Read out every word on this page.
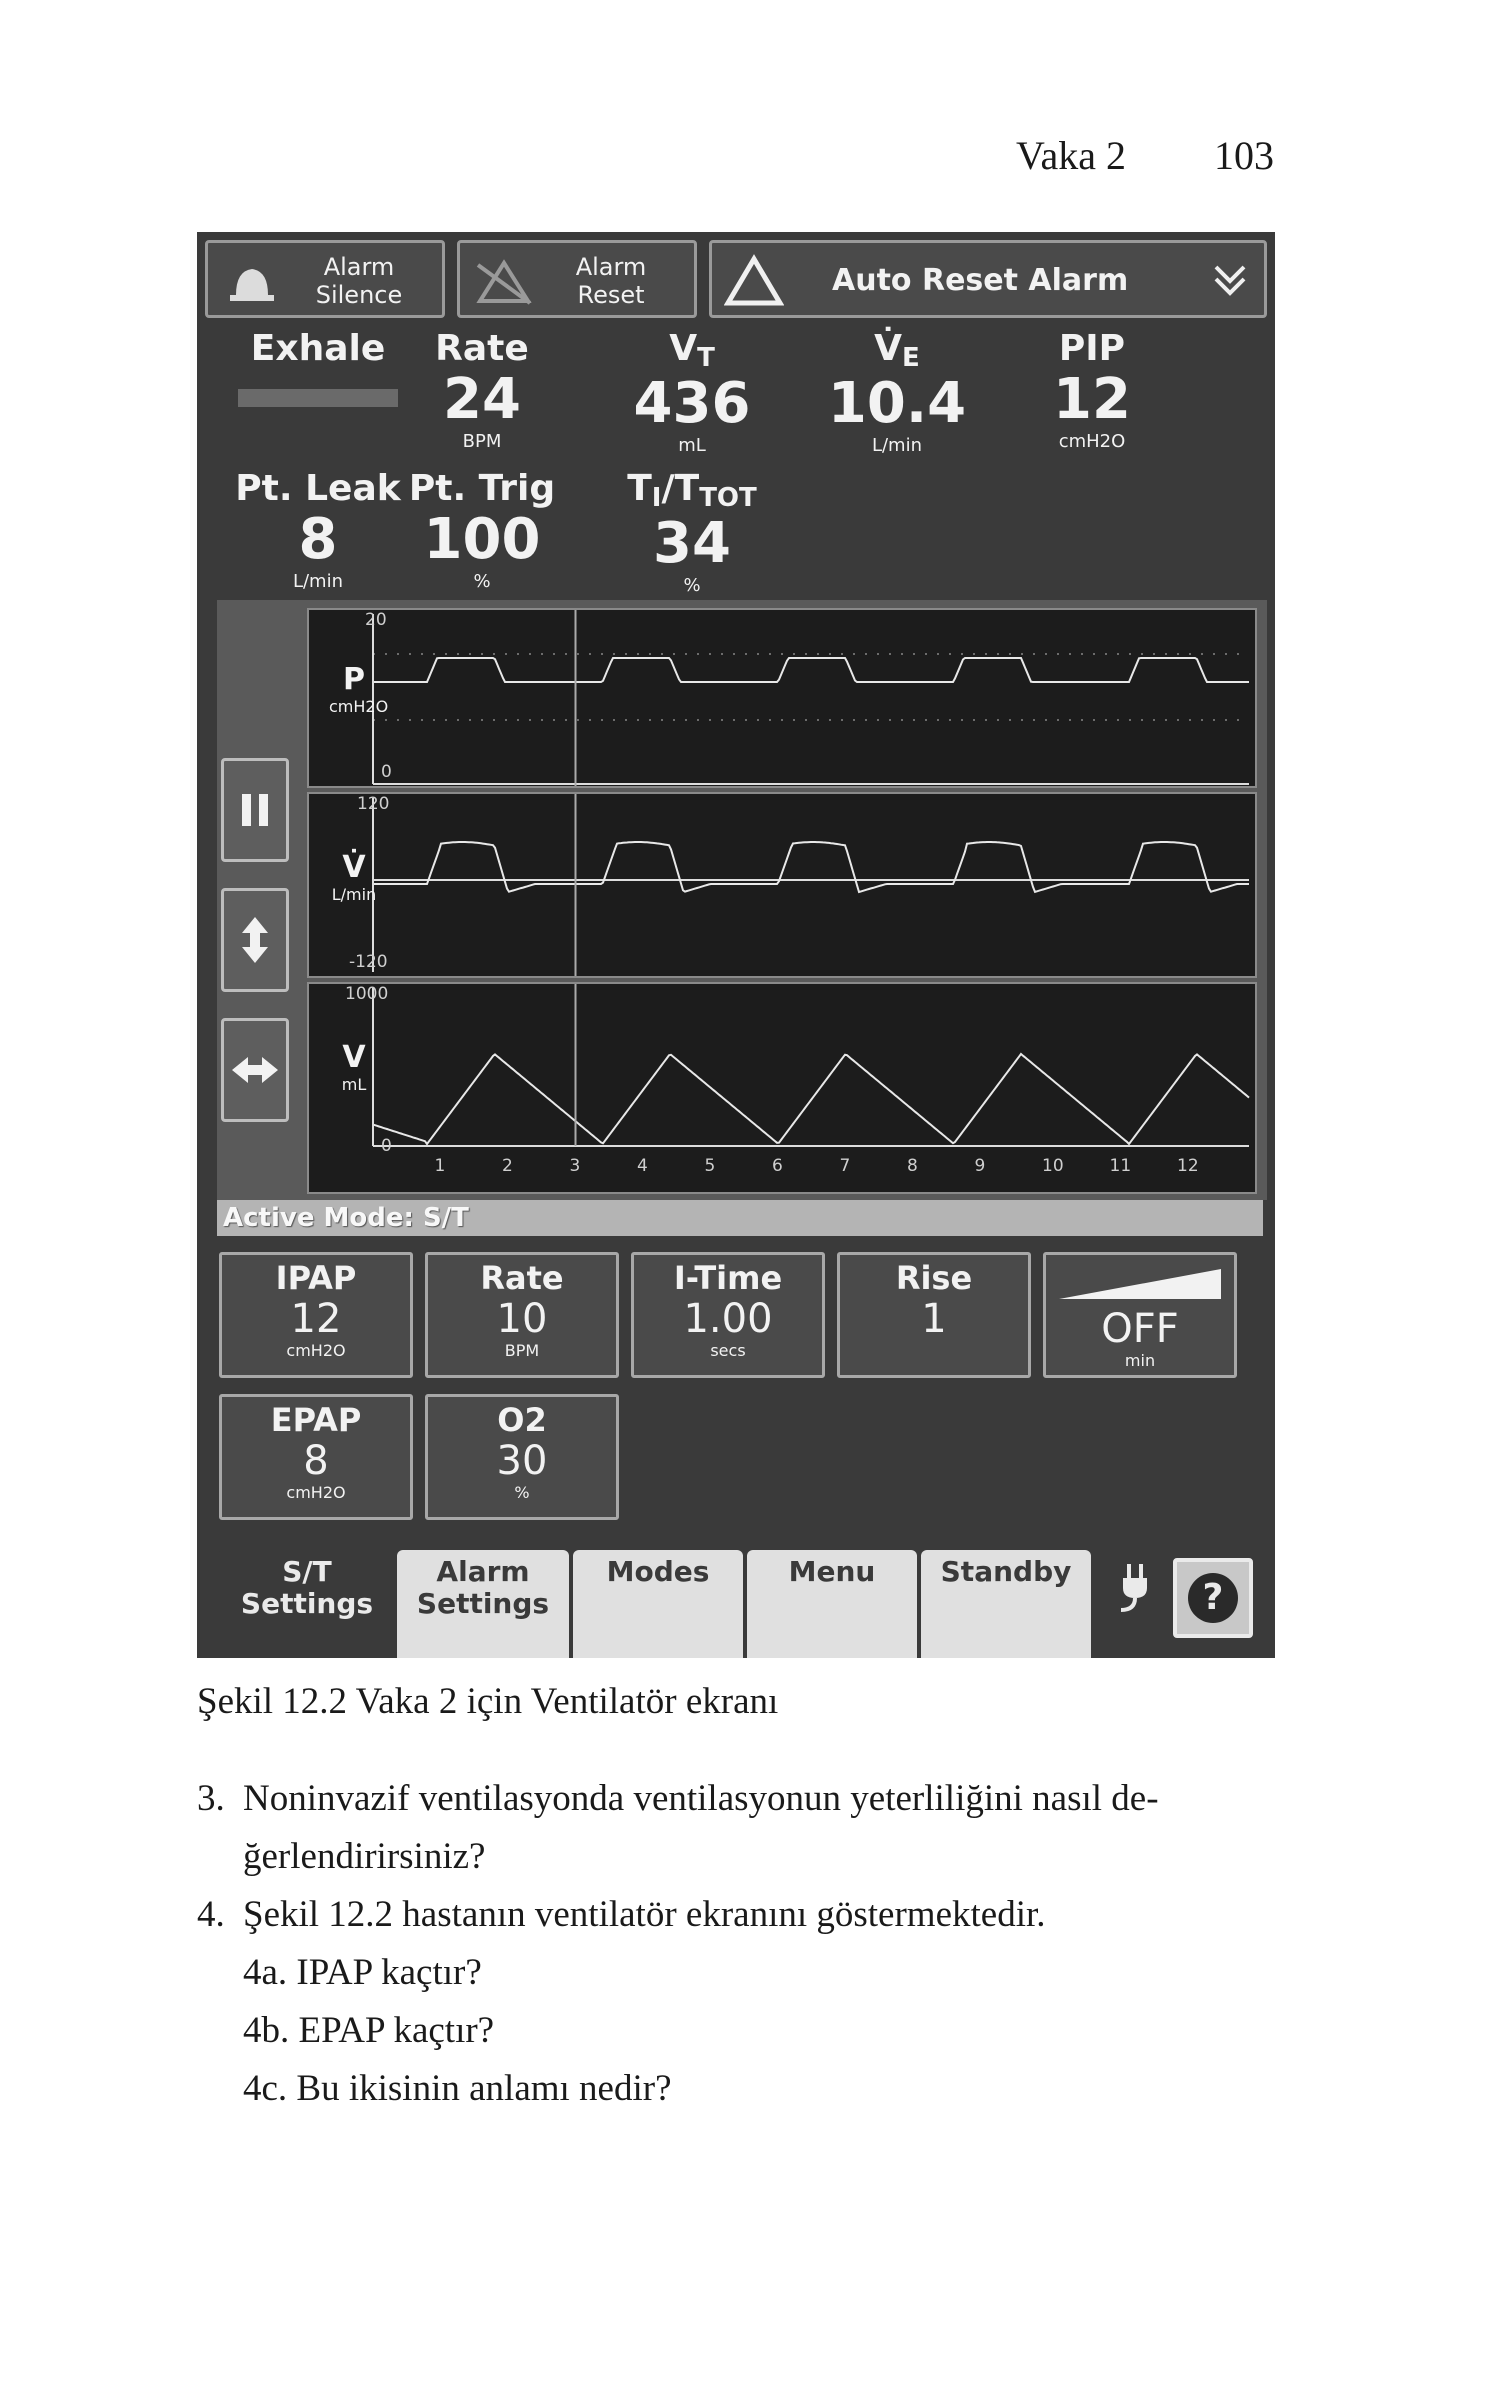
Vaka 2 103
Alarm
Silence
Alarm
Reset	Auto Reset Alarm
Exhale	Rate
24
BPM
$V_T$
436
mL
$V̇_E$
10.4
L/min
PIP
12
cmH2O
Pt. Leak
8
L/min
Pt. Trig
100
%
$T_I/T_{TOT}$
34
%
P
cmH2O
20
0
V̇
L/min
120
-120
V
mL
1000
0
1	2	3	4	5	6	7	8	9	10	11	12
Active Mode: S/T
IPAP
12
cmH2O
Rate
10
BPM
I-Time
1.00
secs
Rise
1	OFF
min
EPAP
8
cmH2O
O2
30
%
S/T
Settings
Alarm
Settings
Modes	Menu	Standby
?
Şekil 12.2 Vaka 2 için Ventilatör ekranı
3. Noninvazif ventilasyonda ventilasyonun yeterliliğini nasıl de-
ğerlendirirsiniz?
4. Şekil 12.2 hastanın ventilatör ekranını göstermektedir.
4a. IPAP kaçtır?
4b. EPAP kaçtır?
4c. Bu ikisinin anlamı nedir?
